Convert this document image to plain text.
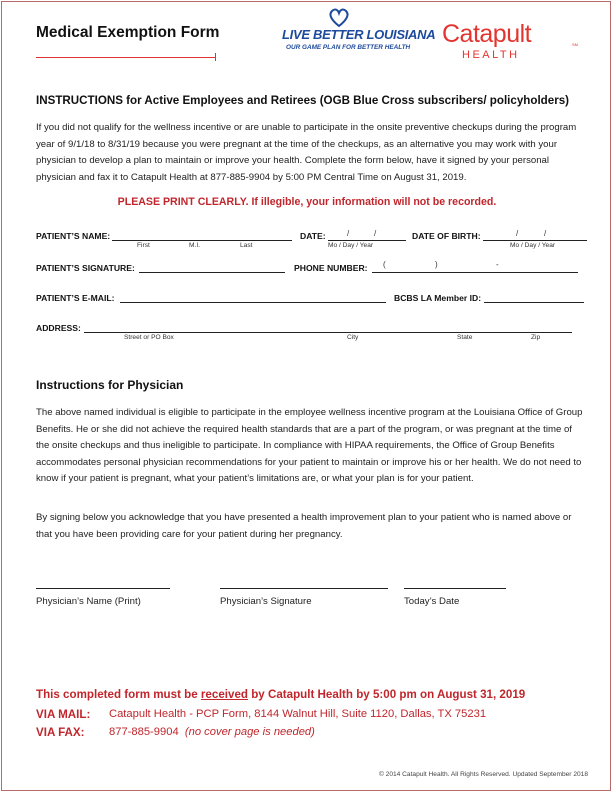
Medical Exemption Form	LIVE BETTER LOUISIANA
OUR GAME PLAN FOR BETTER HEALTH Catapult	SM
HEALTH
INSTRUCTIONS for Active Employees and Retirees (OGB Blue Cross subscribers/ policyholders)
If you did not qualify for the wellness incentive or are unable to participate in the onsite preventive checkups during the program year of 9/1/18 to 8/31/19 because you were pregnant at the time of the checkups, as an alternative you may work with your physician to develop a plan to maintain or improve your health. Complete the form below, have it signed by your personal physician and fax it to Catapult Health at 877-885-9904 by 5:00 PM Central Time on August 31, 2019.
PLEASE PRINT CLEARLY. If illegible, your information will not be recorded.
PATIENT’S NAME:
First	M.I.	Last
DATE:	/	/
Mo / Day / Year
DATE OF BIRTH:	/	/
Mo / Day / Year
PATIENT’S SIGNATURE:	PHONE NUMBER: (	)	-
PATIENT’S E-MAIL:	BCBS LA Member ID:
ADDRESS:
Street or PO Box	City	State	Zip
Instructions for Physician
The above named individual is eligible to participate in the employee wellness incentive program at the Louisiana Office of Group Benefits. He or she did not achieve the required health standards that are a part of the program, or was pregnant at the time of the onsite checkups and thus ineligible to participate. In compliance with HIPAA requirements, the Office of Group Benefits accommodates personal physician recommendations for your patient to maintain or improve his or her health. We do not need to know if your patient is pregnant, what your patient’s limitations are, or what your plan is for your patient.
By signing below you acknowledge that you have presented a health improvement plan to your patient who is named above or that you have been providing care for your patient during her pregnancy.
Physician’s Name (Print)	Physician’s Signature	Today’s Date
This completed form must be received by Catapult Health by 5:00 pm on August 31, 2019
VIA MAIL: Catapult Health - PCP Form, 8144 Walnut Hill, Suite 1120, Dallas, TX 75231
VIA FAX: 877-885-9904 (no cover page is needed)
© 2014 Catapult Health. All Rights Reserved. Updated September 2018
